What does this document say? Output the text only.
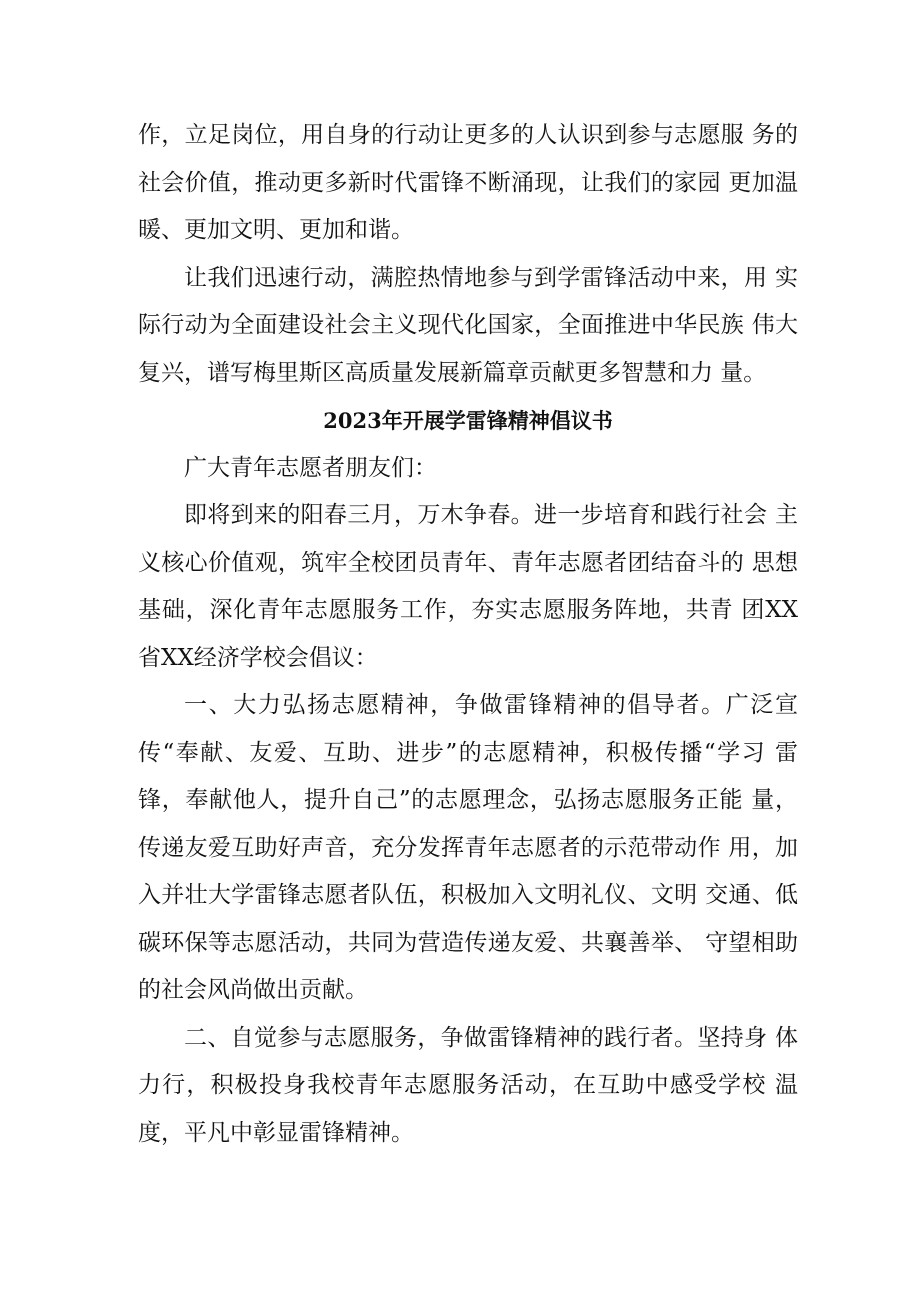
作，立足岗位，用自身的行动让更多的人认识到参与志愿服 务的社会价值，推动更多新时代雷锋不断涌现，让我们的家园 更加温暖、更加文明、更加和谐。

让我们迅速行动，满腔热情地参与到学雷锋活动中来，用 实际行动为全面建设社会主义现代化国家，全面推进中华民族 伟大复兴，谱写梅里斯区高质量发展新篇章贡献更多智慧和力 量。

2023年开展学雷锋精神倡议书

广大青年志愿者朋友们：

即将到来的阳春三月，万木争春。进一步培育和践行社会 主义核心价值观，筑牢全校团员青年、青年志愿者团结奋斗的 思想基础，深化青年志愿服务工作，夯实志愿服务阵地，共青 团XX省XX经济学校会倡议：

一、大力弘扬志愿精神，争做雷锋精神的倡导者。广泛宣 传“奉献、友爱、互助、进步”的志愿精神，积极传播“学习 雷锋，奉献他人，提升自己”的志愿理念，弘扬志愿服务正能 量，传递友爱互助好声音，充分发挥青年志愿者的示范带动作 用，加入并壮大学雷锋志愿者队伍，积极加入文明礼仪、文明 交通、低碳环保等志愿活动，共同为营造传递友爱、共襄善举、 守望相助的社会风尚做出贡献。

二、自觉参与志愿服务，争做雷锋精神的践行者。坚持身 体力行，积极投身我校青年志愿服务活动，在互助中感受学校 温度，平凡中彰显雷锋精神。
